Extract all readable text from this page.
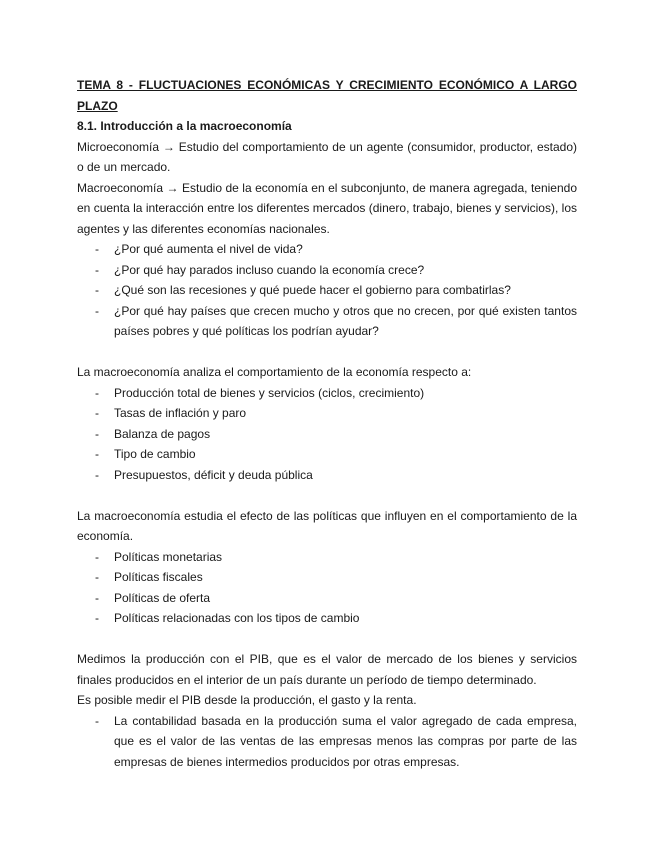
TEMA 8 - FLUCTUACIONES ECONÓMICAS Y CRECIMIENTO ECONÓMICO A LARGO

PLAZO

8.1. Introducción a la macroeconomía

Microeconomía → Estudio del comportamiento de un agente (consumidor, productor, estado) o de un mercado.

Macroeconomía → Estudio de la economía en el subconjunto, de manera agregada, teniendo en cuenta la interacción entre los diferentes mercados (dinero, trabajo, bienes y servicios), los agentes y las diferentes economías nacionales.

- ¿Por qué aumenta el nivel de vida?
- ¿Por qué hay parados incluso cuando la economía crece?
- ¿Qué son las recesiones y qué puede hacer el gobierno para combatirlas?
- ¿Por qué hay países que crecen mucho y otros que no crecen, por qué existen tantos países pobres y qué políticas los podrían ayudar?

La macroeconomía analiza el comportamiento de la economía respecto a:

- Producción total de bienes y servicios (ciclos, crecimiento)
- Tasas de inflación y paro
- Balanza de pagos
- Tipo de cambio
- Presupuestos, déficit y deuda pública

La macroeconomía estudia el efecto de las políticas que influyen en el comportamiento de la economía.

- Políticas monetarias
- Políticas fiscales
- Políticas de oferta
- Políticas relacionadas con los tipos de cambio

Medimos la producción con el PIB, que es el valor de mercado de los bienes y servicios finales producidos en el interior de un país durante un período de tiempo determinado.

Es posible medir el PIB desde la producción, el gasto y la renta.

- La contabilidad basada en la producción suma el valor agregado de cada empresa, que es el valor de las ventas de las empresas menos las compras por parte de las empresas de bienes intermedios producidos por otras empresas.
